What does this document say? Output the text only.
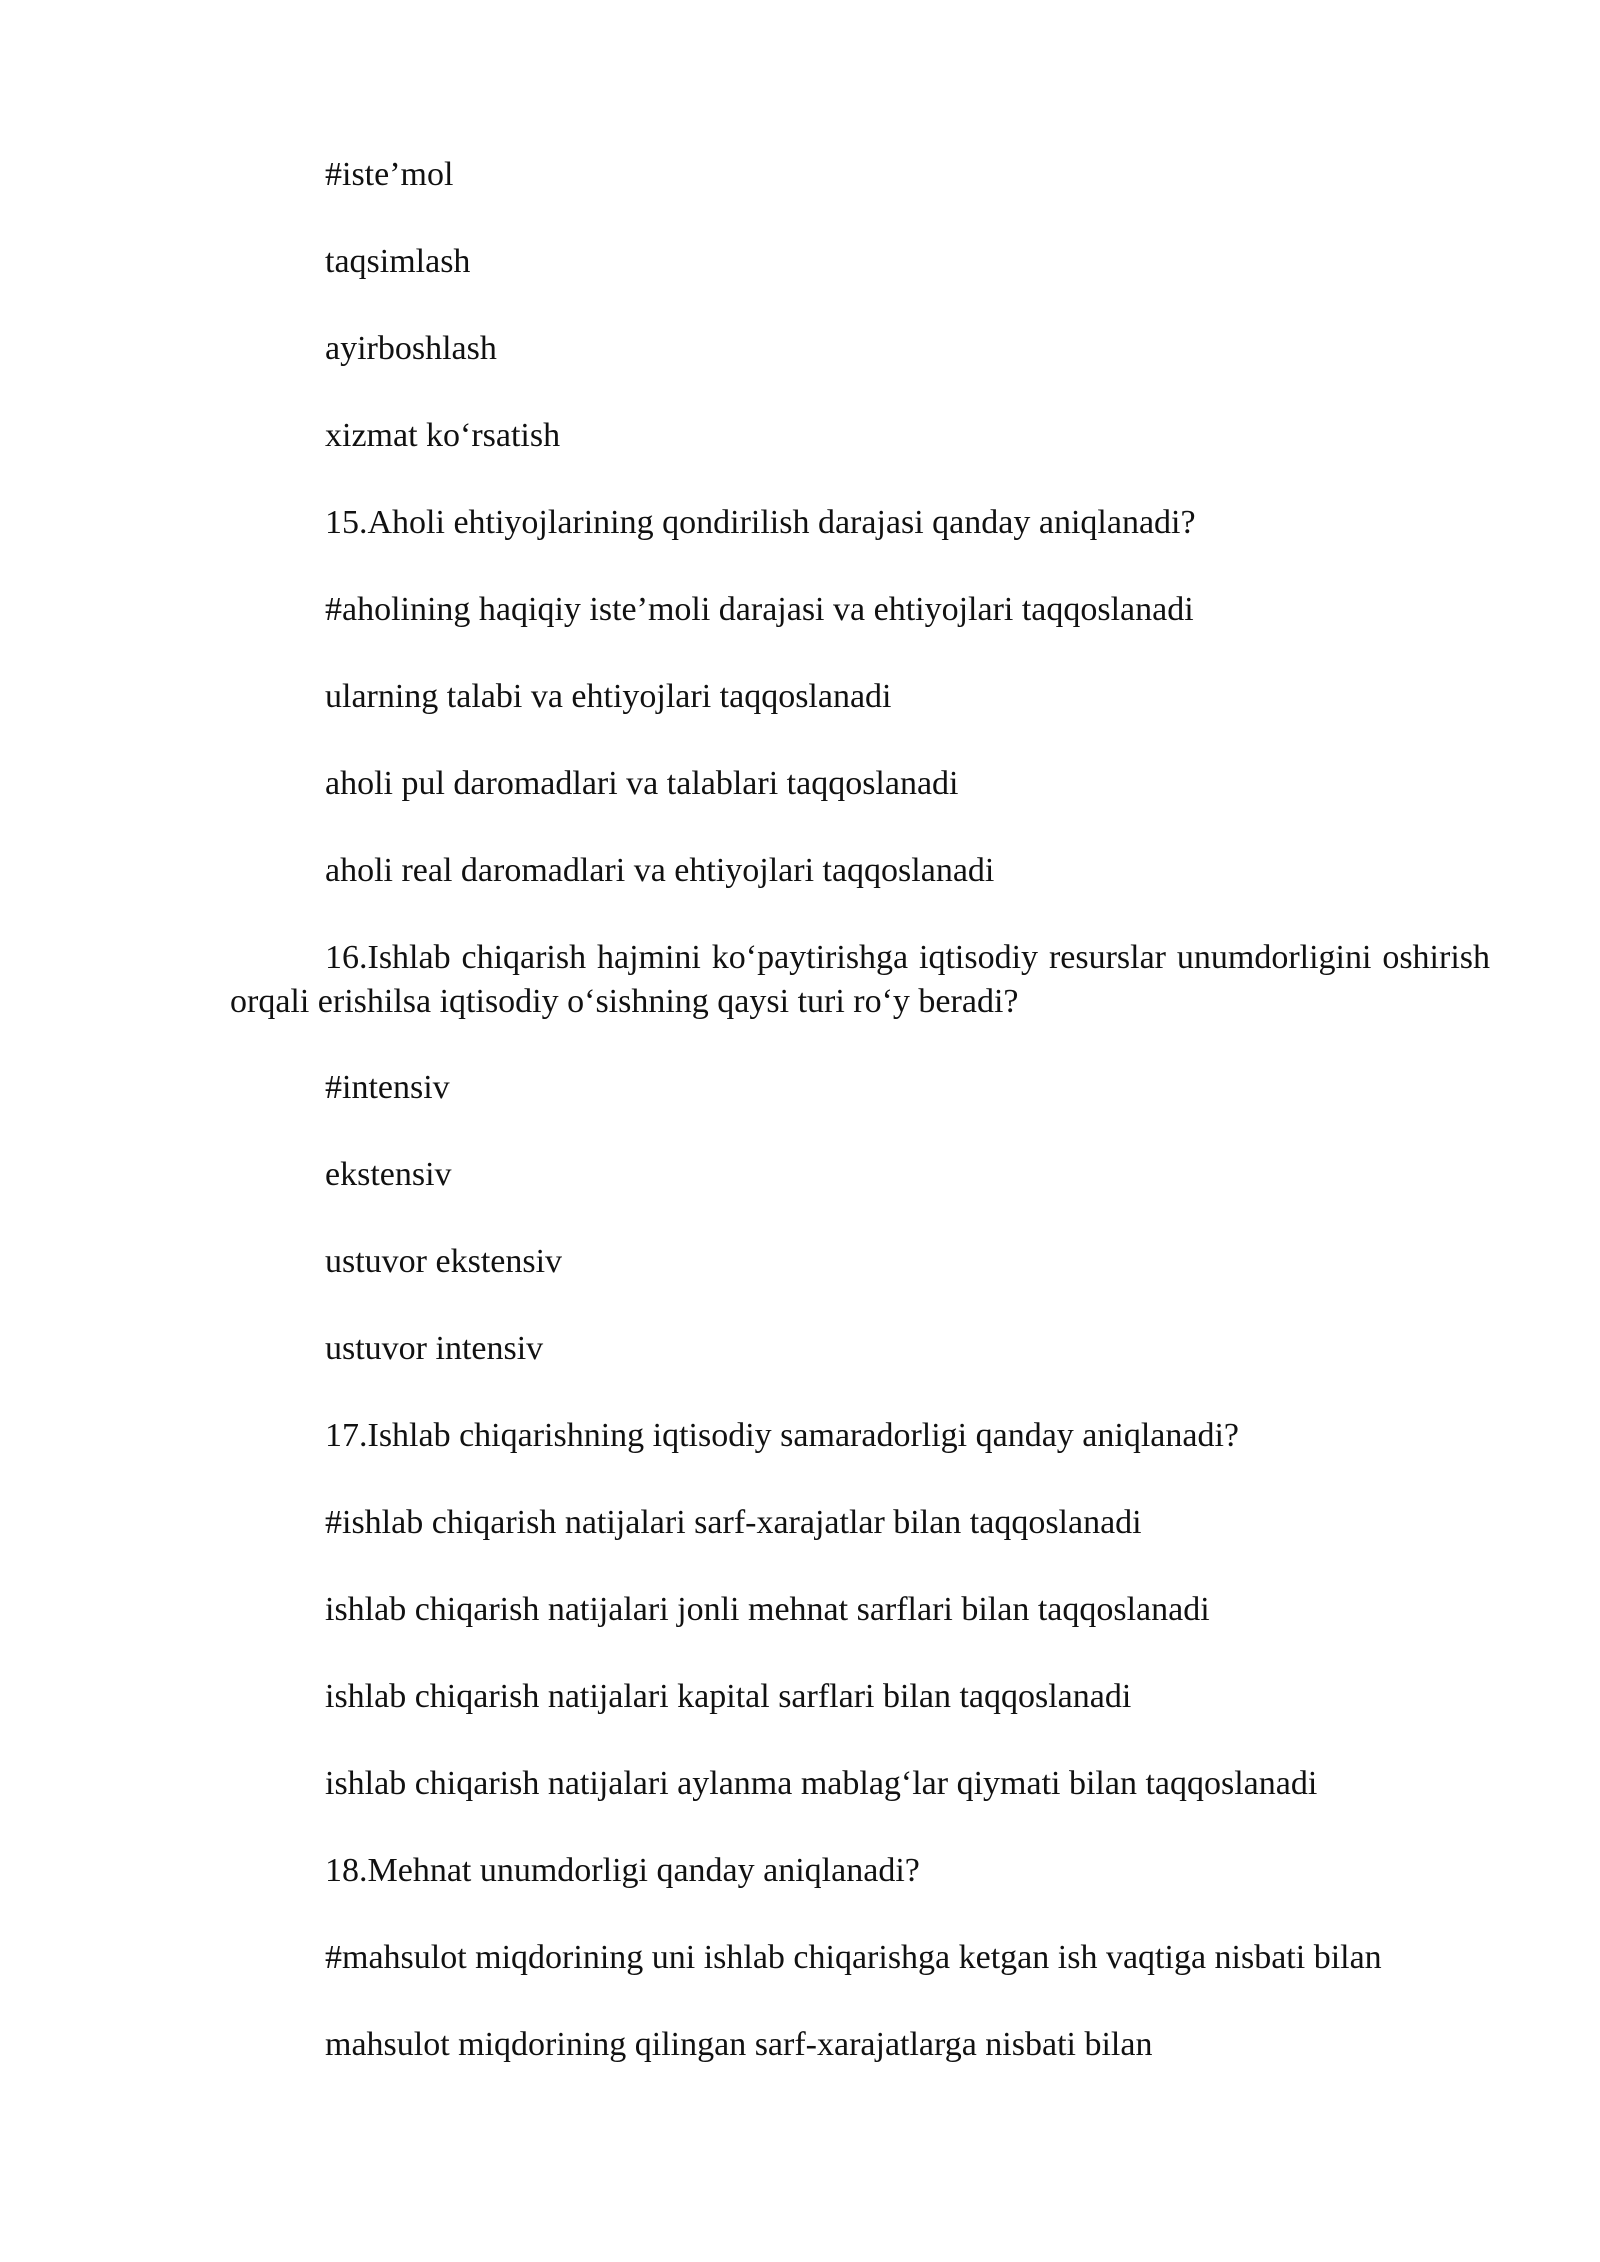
#iste’mol

taqsimlash

ayirboshlash

xizmat ko‘rsatish

15.Aholi ehtiyojlarining qondirilish darajasi qanday aniqlanadi?

#aholining haqiqiy iste’moli darajasi va ehtiyojlari taqqoslanadi

ularning talabi va ehtiyojlari taqqoslanadi

aholi pul daromadlari va talablari taqqoslanadi

aholi real daromadlari va ehtiyojlari taqqoslanadi

16.Ishlab chiqarish hajmini ko‘paytirishga iqtisodiy resurslar unumdorligini oshirish orqali erishilsa iqtisodiy o‘sishning qaysi turi ro‘y beradi?

#intensiv

ekstensiv

ustuvor ekstensiv

ustuvor intensiv

17.Ishlab chiqarishning iqtisodiy samaradorligi qanday aniqlanadi?

#ishlab chiqarish natijalari sarf-xarajatlar bilan taqqoslanadi

ishlab chiqarish natijalari jonli mehnat sarflari bilan taqqoslanadi

ishlab chiqarish natijalari kapital sarflari bilan taqqoslanadi

ishlab chiqarish natijalari aylanma mablag‘lar qiymati bilan taqqoslanadi

18.Mehnat unumdorligi qanday aniqlanadi?

#mahsulot miqdorining uni ishlab chiqarishga ketgan ish vaqtiga nisbati bilan

mahsulot miqdorining qilingan sarf-xarajatlarga nisbati bilan
